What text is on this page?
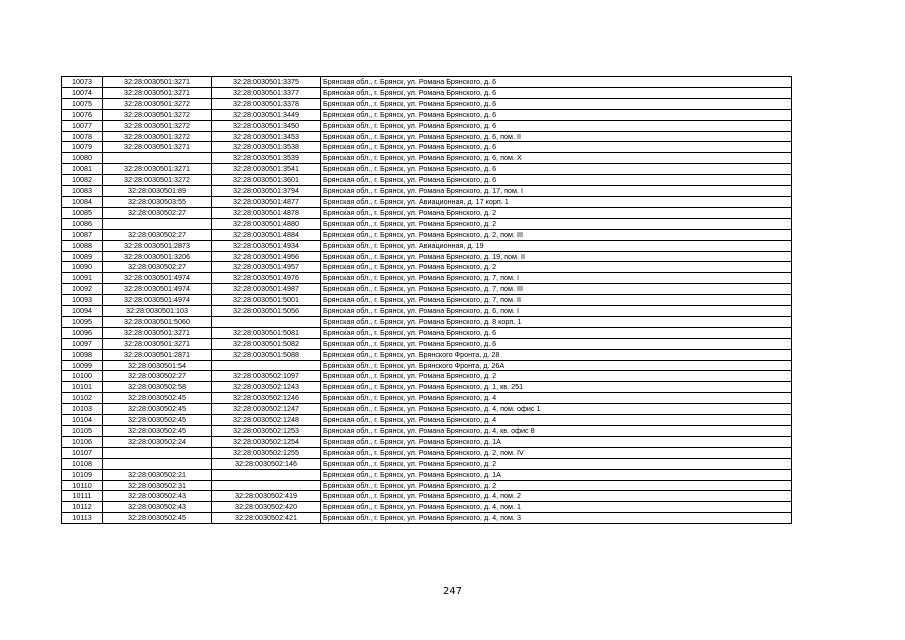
10073	32:28:0030501:3271	32:28:0030501:3375	Брянская обл., г. Брянск, ул. Романа Брянского, д. 6
10074	32:28:0030501:3271	32:28:0030501:3377	Брянская обл., г. Брянск, ул. Романа Брянского, д. 6
10075	32:28:0030501:3272	32:28:0030501:3378	Брянская обл., г. Брянск, ул. Романа Брянского, д. 6
10076	32:28:0030501:3272	32:28:0030501:3449	Брянская обл., г. Брянск, ул. Романа Брянского, д. 6
10077	32:28:0030501:3272	32:28:0030501:3450	Брянская обл., г. Брянск, ул. Романа Брянского, д. 6
10078	32:28:0030501:3272	32:28:0030501:3453	Брянская обл., г. Брянск, ул. Романа Брянского, д. 6, пом. II
10079	32:28:0030501:3271	32:28:0030501:3538	Брянская обл., г. Брянск, ул. Романа Брянского, д. 6
10080		32:28:0030501:3539	Брянская обл., г. Брянск, ул. Романа Брянского, д. 6, пом. X
10081	32:28:0030501:3271	32:28:0030501:3541	Брянская обл., г. Брянск, ул. Романа Брянского, д. 6
10082	32:28:0030501:3272	32:28:0030501:3601	Брянская обл., г. Брянск, ул. Романа Брянского, д. 6
10083	32:28:0030501:89	32:28:0030501:3794	Брянская обл., г. Брянск, ул. Романа Брянского, д. 17, пом. I
10084	32:28:0030503:55	32:28:0030501:4877	Брянская обл., г. Брянск, ул. Авиационная, д. 17 корп. 1
10085	32:28:0030502:27	32:28:0030501:4878	Брянская обл., г. Брянск, ул. Романа Брянского, д. 2
10086		32:28:0030501:4880	Брянская обл., г. Брянск, ул. Романа Брянского, д. 2
10087	32:28:0030502:27	32:28:0030501:4884	Брянская обл., г. Брянск, ул. Романа Брянского, д. 2, пом. III
10088	32:28:0030501:2873	32:28:0030501:4934	Брянская обл., г. Брянск, ул. Авиационная, д. 19
10089	32:28:0030501:3206	32:28:0030501:4956	Брянская обл., г. Брянск, ул. Романа Брянского, д. 19, пом. II
10090	32:28:0030502:27	32:28:0030501:4957	Брянская обл., г. Брянск, ул. Романа Брянского, д. 2
10091	32:28:0030501:4974	32:28:0030501:4976	Брянская обл., г. Брянск, ул. Романа Брянского, д. 7, пом. I
10092	32:28:0030501:4974	32:28:0030501:4987	Брянская обл., г. Брянск, ул. Романа Брянского, д. 7, пом. III
10093	32:28:0030501:4974	32:28:0030501:5001	Брянская обл., г. Брянск, ул. Романа Брянского, д. 7, пом. II
10094	32:28:0030501:103	32:28:0030501:5056	Брянская обл., г. Брянск, ул. Романа Брянского, д. 6, пом. I
10095	32:28:0030501:5060		Брянская обл., г. Брянск, ул. Романа Брянского, д. 8 корп. 1
10096	32:28:0030501:3271	32:28:0030501:5081	Брянская обл., г. Брянск, ул. Романа Брянского, д. 6
10097	32:28:0030501:3271	32:28:0030501:5082	Брянская обл., г. Брянск, ул. Романа Брянского, д. 6
10098	32:28:0030501:2871	32:28:0030501:5088	Брянская обл., г. Брянск, ул. Брянского Фронта, д. 28
10099	32:28:0030501:54		Брянская обл., г. Брянск, ул. Брянского Фронта, д. 26А
10100	32:28:0030502:27	32:28:0030502:1097	Брянская обл., г. Брянск, ул. Романа Брянского, д. 2
10101	32:28:0030502:58	32:28:0030502:1243	Брянская обл., г. Брянск, ул. Романа Брянского, д. 1, кв. 251
10102	32:28:0030502:45	32:28:0030502:1246	Брянская обл., г. Брянск, ул. Романа Брянского, д. 4
10103	32:28:0030502:45	32:28:0030502:1247	Брянская обл., г. Брянск, ул. Романа Брянского, д. 4, пом. офис 1
10104	32:28:0030502:45	32:28:0030502:1248	Брянская обл., г. Брянск, ул. Романа Брянского, д. 4
10105	32:28:0030502:45	32:28:0030502:1253	Брянская обл., г. Брянск, ул. Романа Брянского, д. 4, кв. офис 8
10106	32:28:0030502:24	32:28:0030502:1254	Брянская обл., г. Брянск, ул. Романа Брянского, д. 1А
10107		32:28:0030502:1255	Брянская обл., г. Брянск, ул. Романа Брянского, д. 2, пом. IV
10108		32:28:0030502:146	Брянская обл., г. Брянск, ул. Романа Брянского, д. 2
10109	32:28:0030502:21		Брянская обл., г. Брянск, ул. Романа Брянского, д. 1А
10110	32:28:0030502:31		Брянская обл., г. Брянск, ул. Романа Брянского, д. 2
10111	32:28:0030502:43	32:28:0030502:419	Брянская обл., г. Брянск, ул. Романа Брянского, д. 4, пом. 2
10112	32:28:0030502:43	32:28:0030502:420	Брянская обл., г. Брянск, ул. Романа Брянского, д. 4, пом. 1
10113	32:28:0030502:45	32:28:0030502:421	Брянская обл., г. Брянск, ул. Романа Брянского, д. 4, пом. 3
247
